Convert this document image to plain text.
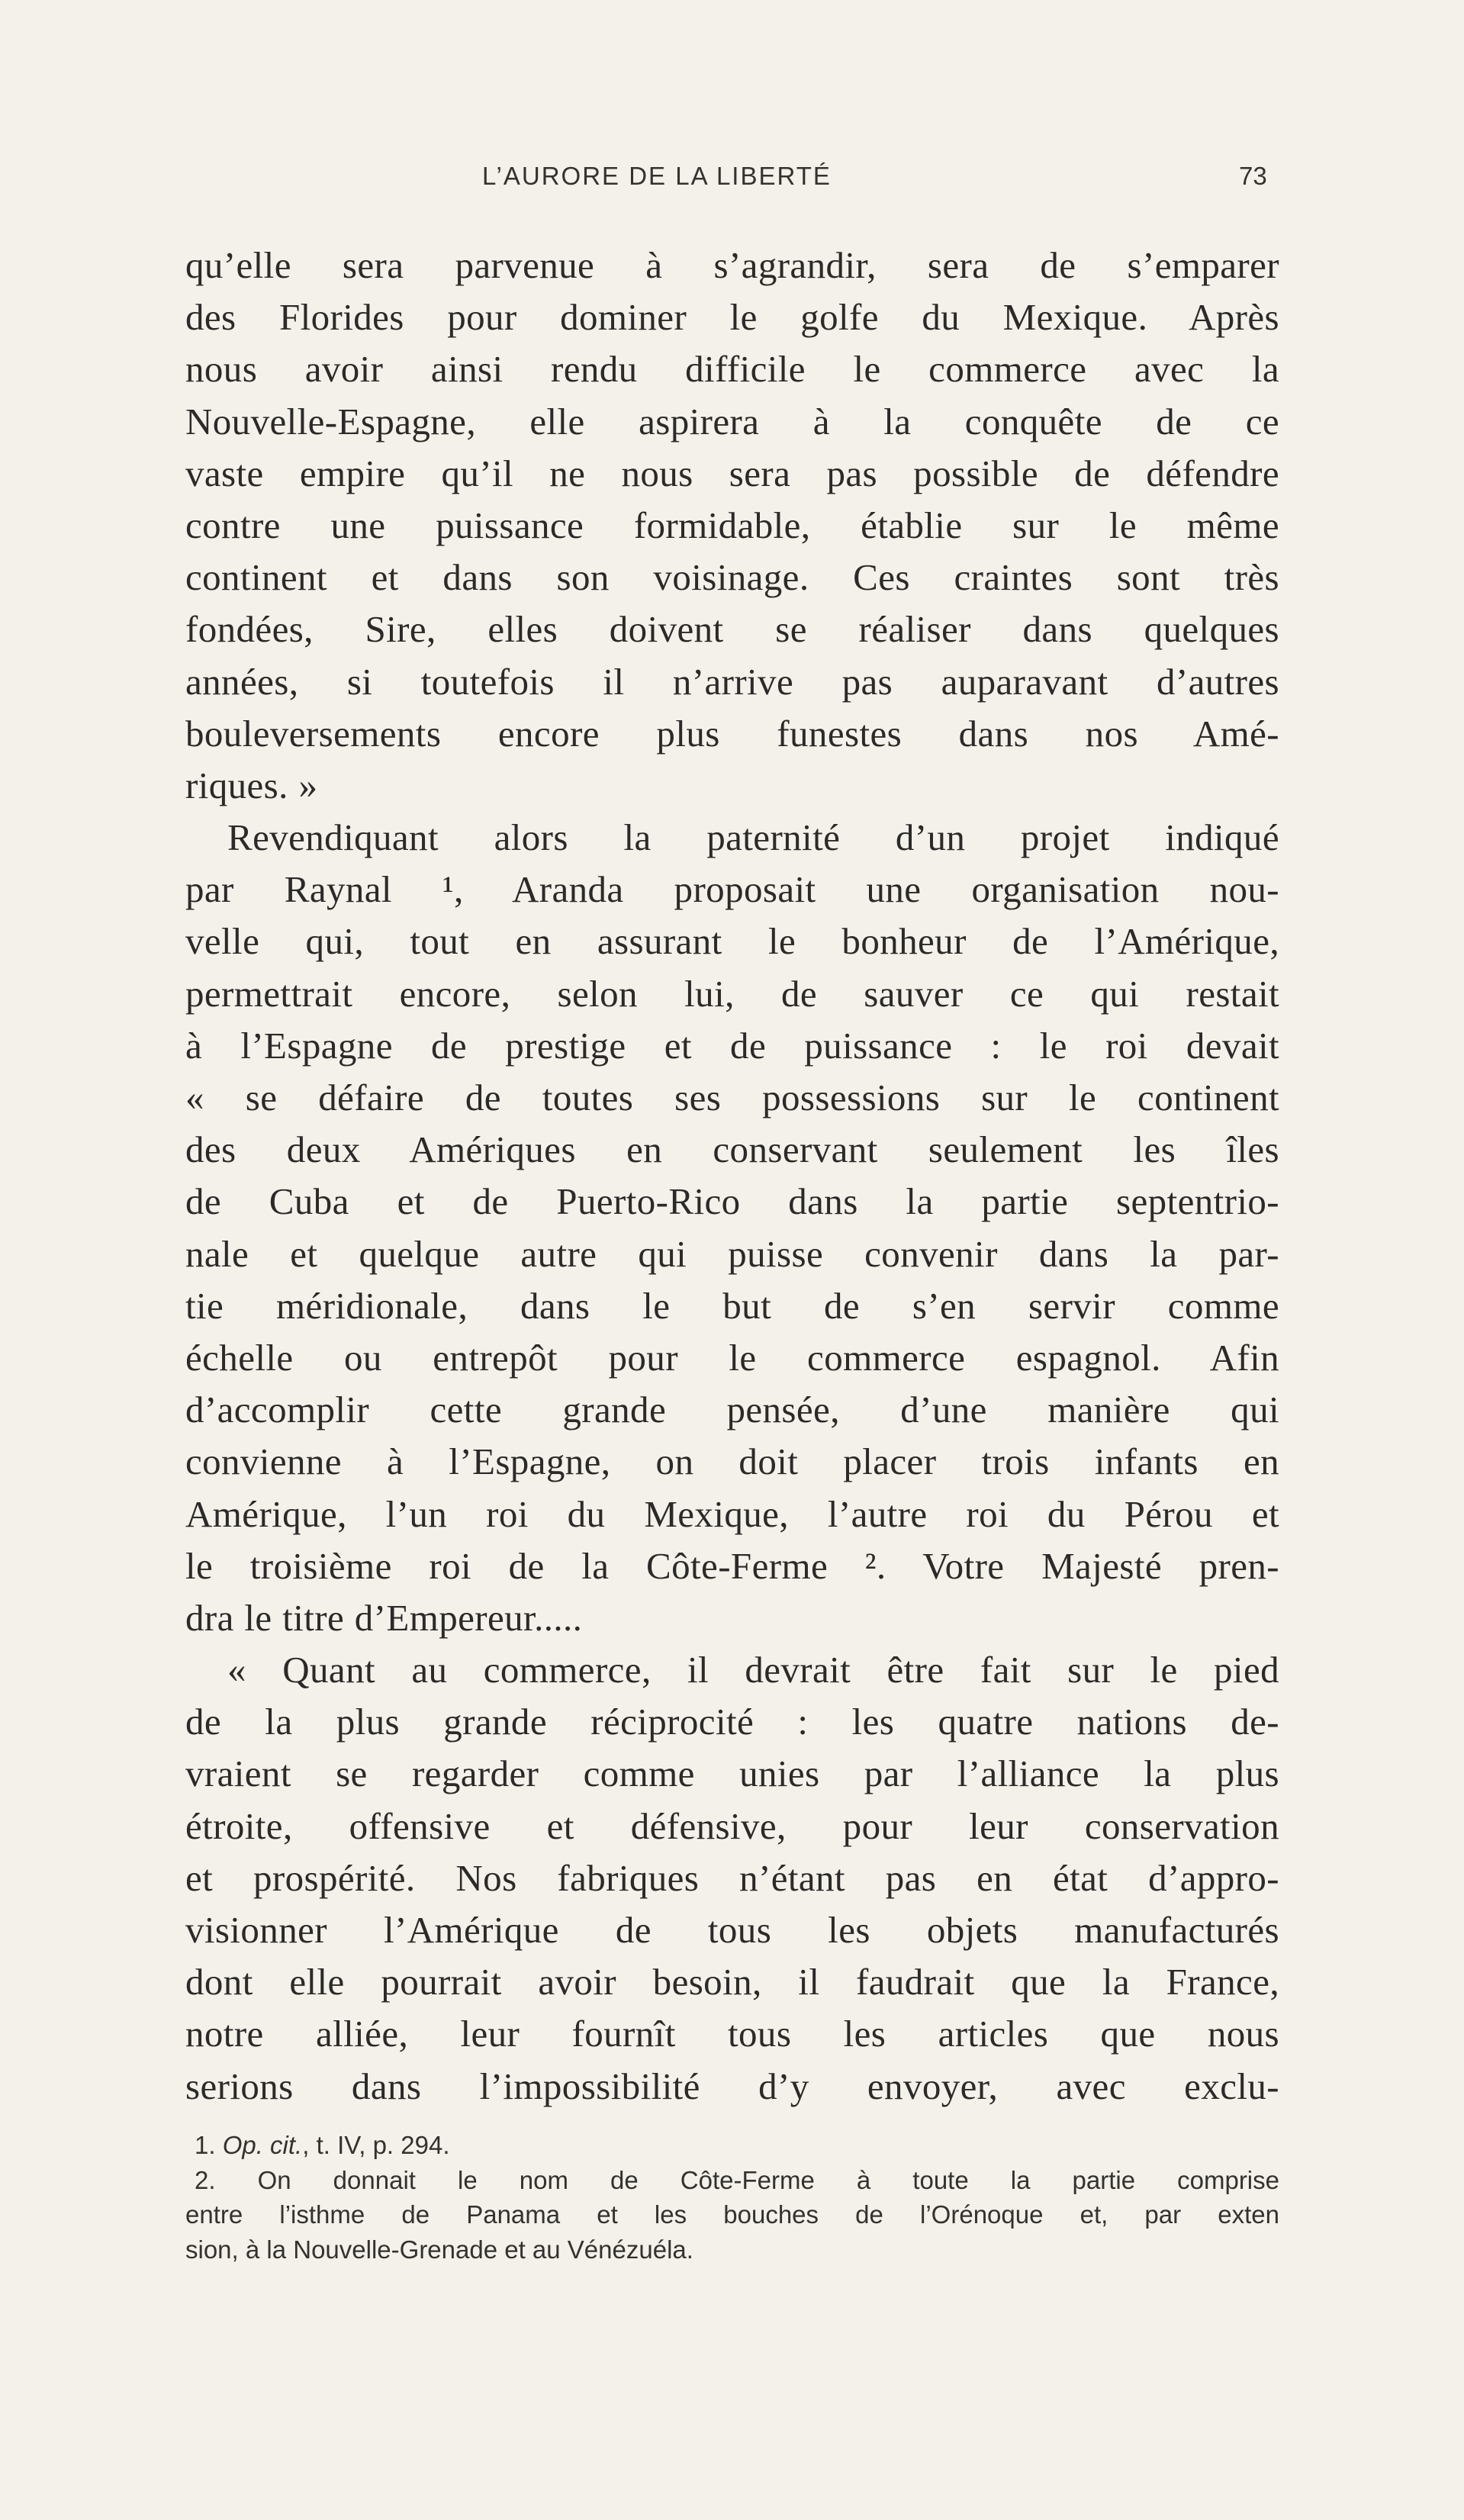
L’AURORE DE LA LIBERTÉ	73
qu’elle sera parvenue à s’agrandir, sera de s’emparer
des Florides pour dominer le golfe du Mexique. Après
nous avoir ainsi rendu difficile le commerce avec la
Nouvelle-Espagne, elle aspirera à la conquête de ce
vaste empire qu’il ne nous sera pas possible de défendre
contre une puissance formidable, établie sur le même
continent et dans son voisinage. Ces craintes sont très
fondées, Sire, elles doivent se réaliser dans quelques
années, si toutefois il n’arrive pas auparavant d’autres
bouleversements encore plus funestes dans nos Amé-
riques. »
Revendiquant alors la paternité d’un projet indiqué
par Raynal ¹, Aranda proposait une organisation nou-
velle qui, tout en assurant le bonheur de l’Amérique,
permettrait encore, selon lui, de sauver ce qui restait
à l’Espagne de prestige et de puissance : le roi devait
« se défaire de toutes ses possessions sur le continent
des deux Amériques en conservant seulement les îles
de Cuba et de Puerto-Rico dans la partie septentrio-
nale et quelque autre qui puisse convenir dans la par-
tie méridionale, dans le but de s’en servir comme
échelle ou entrepôt pour le commerce espagnol. Afin
d’accomplir cette grande pensée, d’une manière qui
convienne à l’Espagne, on doit placer trois infants en
Amérique, l’un roi du Mexique, l’autre roi du Pérou et
le troisième roi de la Côte-Ferme ². Votre Majesté pren-
dra le titre d’Empereur.....
« Quant au commerce, il devrait être fait sur le pied
de la plus grande réciprocité : les quatre nations de-
vraient se regarder comme unies par l’alliance la plus
étroite, offensive et défensive, pour leur conservation
et prospérité. Nos fabriques n’étant pas en état d’appro-
visionner l’Amérique de tous les objets manufacturés
dont elle pourrait avoir besoin, il faudrait que la France,
notre alliée, leur fournît tous les articles que nous
serions dans l’impossibilité d’y envoyer, avec exclu-
1. Op. cit., t. IV, p. 294.
2. On donnait le nom de Côte-Ferme à toute la partie comprise
entre l’isthme de Panama et les bouches de l’Orénoque et, par exten
sion, à la Nouvelle-Grenade et au Vénézuéla.
